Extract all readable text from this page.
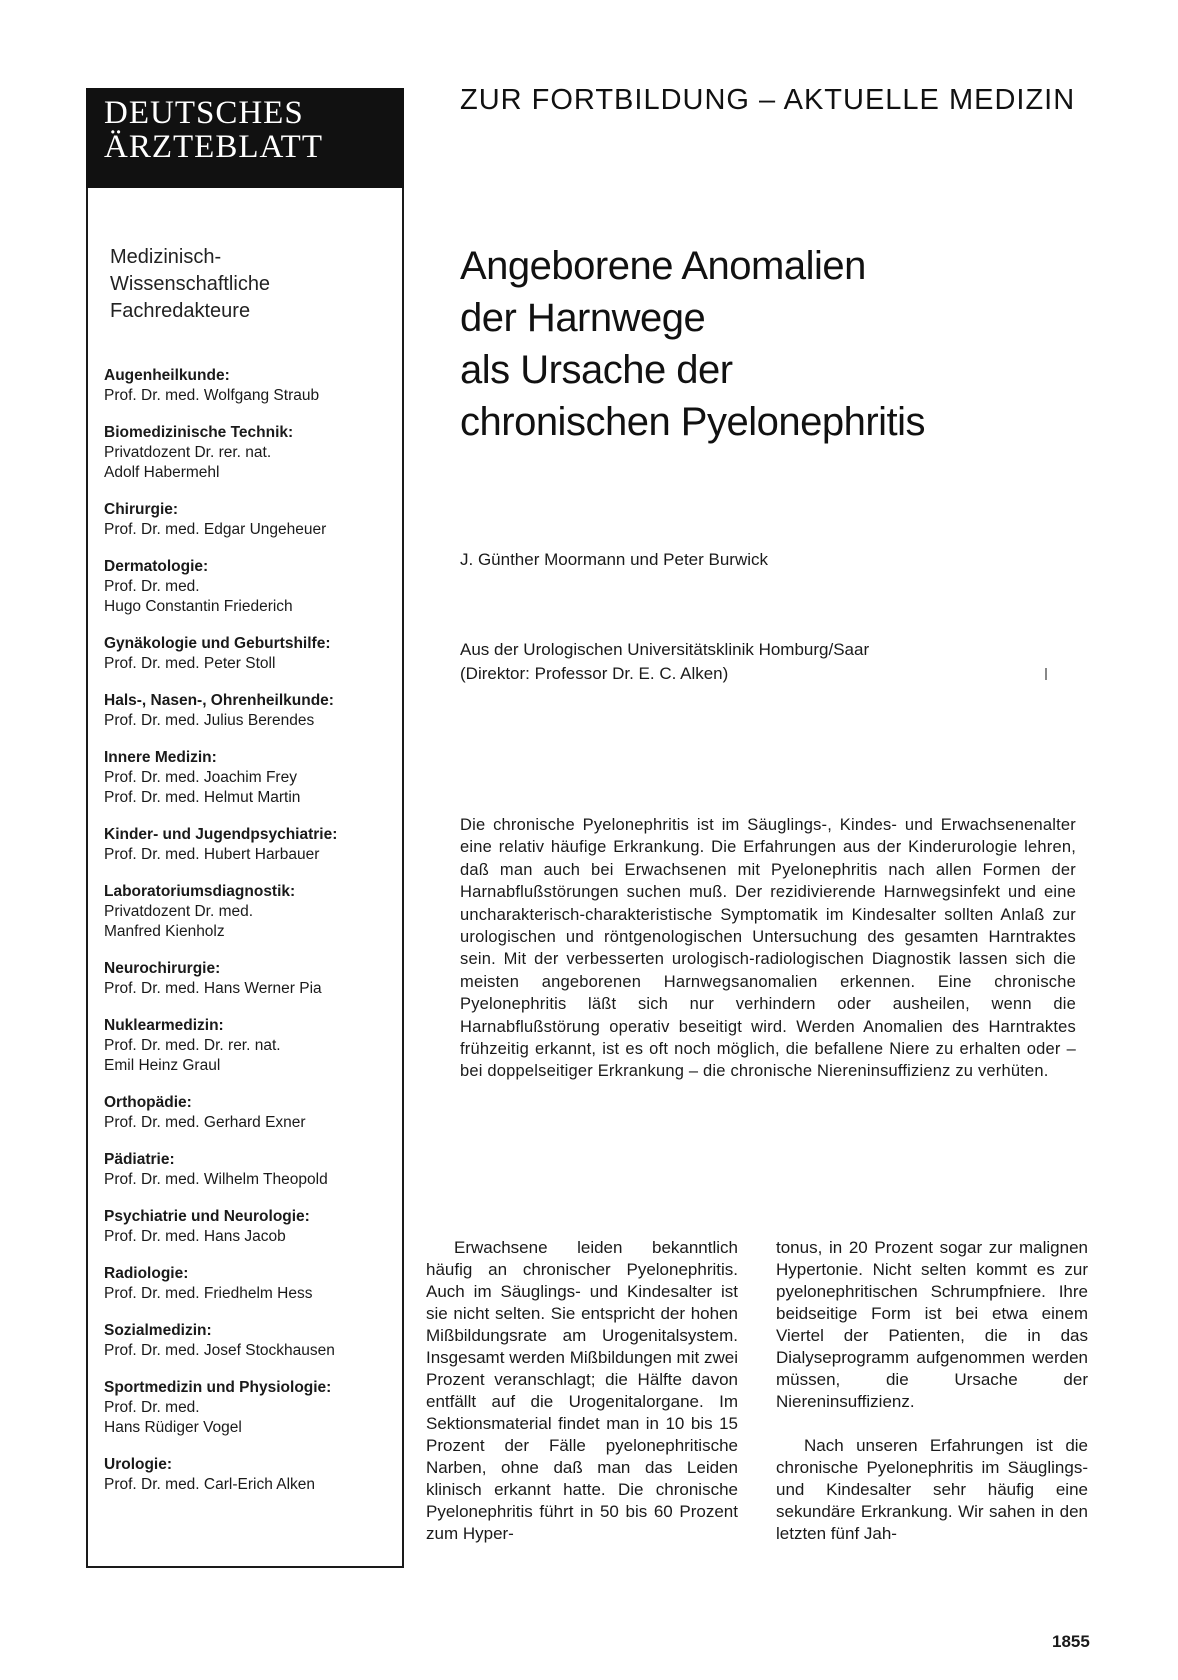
DEUTSCHES
ÄRZTEBLATT
Medizinisch-
Wissenschaftliche
Fachredakteure
Augenheilkunde:
Prof. Dr. med. Wolfgang Straub
Biomedizinische Technik:
Privatdozent Dr. rer. nat.
Adolf Habermehl
Chirurgie:
Prof. Dr. med. Edgar Ungeheuer
Dermatologie:
Prof. Dr. med.
Hugo Constantin Friederich
Gynäkologie und Geburtshilfe:
Prof. Dr. med. Peter Stoll
Hals-, Nasen-, Ohrenheilkunde:
Prof. Dr. med. Julius Berendes
Innere Medizin:
Prof. Dr. med. Joachim Frey
Prof. Dr. med. Helmut Martin
Kinder- und Jugendpsychiatrie:
Prof. Dr. med. Hubert Harbauer
Laboratoriumsdiagnostik:
Privatdozent Dr. med.
Manfred Kienholz
Neurochirurgie:
Prof. Dr. med. Hans Werner Pia
Nuklearmedizin:
Prof. Dr. med. Dr. rer. nat.
Emil Heinz Graul
Orthopädie:
Prof. Dr. med. Gerhard Exner
Pädiatrie:
Prof. Dr. med. Wilhelm Theopold
Psychiatrie und Neurologie:
Prof. Dr. med. Hans Jacob
Radiologie:
Prof. Dr. med. Friedhelm Hess
Sozialmedizin:
Prof. Dr. med. Josef Stockhausen
Sportmedizin und Physiologie:
Prof. Dr. med.
Hans Rüdiger Vogel
Urologie:
Prof. Dr. med. Carl-Erich Alken
ZUR FORTBILDUNG – AKTUELLE MEDIZIN
Angeborene Anomalien
der Harnwege
als Ursache der
chronischen Pyelonephritis
J. Günther Moormann und Peter Burwick
Aus der Urologischen Universitätsklinik Homburg/Saar
(Direktor: Professor Dr. E. C. Alken)
Die chronische Pyelonephritis ist im Säuglings-, Kindes- und Erwachsenenalter eine relativ häufige Erkrankung. Die Erfahrungen aus der Kinderurologie lehren, daß man auch bei Erwachsenen mit Pyelonephritis nach allen Formen der Harnabflußstörungen suchen muß. Der rezidivierende Harnwegsinfekt und eine uncharakterisch-charakteristische Symptomatik im Kindesalter sollten Anlaß zur urologischen und röntgenologischen Untersuchung des gesamten Harntraktes sein. Mit der verbesserten urologisch-radiologischen Diagnostik lassen sich die meisten angeborenen Harnwegsanomalien erkennen. Eine chronische Pyelonephritis läßt sich nur verhindern oder ausheilen, wenn die Harnabflußstörung operativ beseitigt wird. Werden Anomalien des Harntraktes frühzeitig erkannt, ist es oft noch möglich, die befallene Niere zu erhalten oder – bei doppelseitiger Erkrankung – die chronische Niereninsuffizienz zu verhüten.

Erwachsene leiden bekanntlich häufig an chronischer Pyelonephritis. Auch im Säuglings- und Kindesalter ist sie nicht selten. Sie entspricht der hohen Mißbildungsrate am Urogenitalsystem. Insgesamt werden Mißbildungen mit zwei Prozent veranschlagt; die Hälfte davon entfällt auf die Urogenitalorgane. Im Sektionsmaterial findet man in 10 bis 15 Prozent der Fälle pyelonephritische Narben, ohne daß man das Leiden klinisch erkannt hatte. Die chronische Pyelonephritis führt in 50 bis 60 Prozent zum Hyper-

tonus, in 20 Prozent sogar zur malignen Hypertonie. Nicht selten kommt es zur pyelonephritischen Schrumpfniere. Ihre beidseitige Form ist bei etwa einem Viertel der Patienten, die in das Dialyseprogramm aufgenommen werden müssen, die Ursache der Niereninsuffizienz.

Nach unseren Erfahrungen ist die chronische Pyelonephritis im Säuglings- und Kindesalter sehr häufig eine sekundäre Erkrankung. Wir sahen in den letzten fünf Jah-

1855
